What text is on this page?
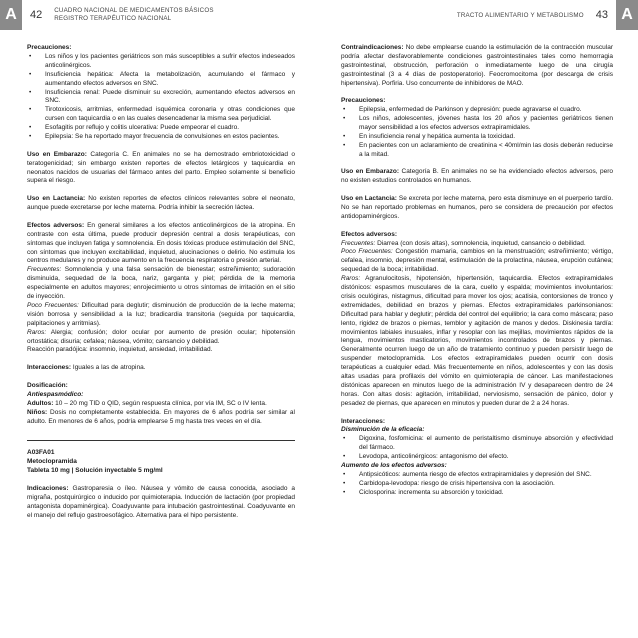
A	42 CUADRO NACIONAL DE MEDICAMENTOS BÁSICOS
REGISTRO TERAPÉUTICO NACIONAL	TRACTO ALIMENTARIO Y METABOLISMO 43 A
Precauciones:
• Los niños y los pacientes geriátricos son más susceptibles a sufrir efectos indeseados anticolinérgicos.
• Insuficiencia hepática: Afecta la metabolización, acumulando el fármaco y aumentando efectos adversos en SNC.
• Insuficiencia renal: Puede disminuir su excreción, aumentando efectos adversos en SNC.
• Tirotoxicosis, arritmias, enfermedad isquémica coronaria y otras condiciones que cursen con taquicardia o en las cuales desencadenar la misma sea perjudicial.
• Esofagitis por reflujo y colitis ulcerativa: Puede empeorar el cuadro.
• Epilepsia: Se ha reportado mayor frecuencia de convulsiones en estos pacientes.
Uso en Embarazo: Categoría C. En animales no se ha demostrado embriotoxicidad o teratogenicidad; sin embargo existen reportes de efectos letárgicos y taquicardia en neonatos nacidos de usuarias del fármaco antes del parto. Empleo solamente si beneficio supera el riesgo.
Uso en Lactancia: No existen reportes de efectos clínicos relevantes sobre el neonato, aunque puede excretarse por leche materna. Podría inhibir la secreción láctea.
Efectos adversos: En general similares a los efectos anticolinérgicos de la atropina. En contraste con esta última, puede producir depresión central a dosis terapéuticas, con síntomas que incluyen fatiga y somnolencia. En dosis tóxicas produce estimulación del SNC, con síntomas que incluyen excitabilidad, inquietud, alucinaciones o delirio. No estimula los centros medulares y no produce aumento en la frecuencia respiratoria o presión arterial.
Frecuentes: Somnolencia y una falsa sensación de bienestar; estreñimiento; sudoración disminuida, sequedad de la boca, nariz, garganta y piel; pérdida de la memoria especialmente en adultos mayores; enrojecimiento u otros síntomas de irritación en el sitio de inyección.
Poco Frecuentes: Dificultad para deglutir; disminución de producción de la leche materna; visión borrosa y sensibilidad a la luz; bradicardia transitoria (seguida por taquicardia, palpitaciones y arritmias).
Raros: Alergia; confusión; dolor ocular por aumento de presión ocular; hipotensión ortostática; disuria; cefalea; náusea, vómito; cansancio y debilidad.
Reacción paradójica: insomnio, inquietud, ansiedad, irritabilidad.
Interacciones: Iguales a las de atropina.
Dosificación:
Antiespasmódico:
Adultos: 10 – 20 mg TID o QID, según respuesta clínica, por vía IM, SC o IV lenta.
Niños: Dosis no completamente establecida. En mayores de 6 años podría ser similar al adulto. En menores de 6 años, podría emplearse 5 mg hasta tres veces en el día.
A03FA01
Metoclopramida
Tableta 10 mg | Solución inyectable 5 mg/ml
Indicaciones: Gastroparesia o íleo. Náusea y vómito de causa conocida, asociado a migraña, postquirúrgico o inducido por quimioterapia. Inducción de lactación (por propiedad antagonista dopaminérgica). Coadyuvante para intubación gastrointestinal. Coadyuvante en el manejo del reflujo gastroesofágico. Alternativa para el hipo persistente.
Contraindicaciones: No debe emplearse cuando la estimulación de la contracción muscular podría afectar desfavorablemente condiciones gastrointestinales tales como hemorragia gastrointestinal, obstrucción, perforación o inmediatamente luego de una cirugía gastrointestinal (3 a 4 días de postoperatorio). Feocromocitoma (por descarga de crisis hipertensiva). Porfiria. Uso concurrente de inhibidores de MAO.
Precauciones:
• Epilepsia, enfermedad de Parkinson y depresión: puede agravarse el cuadro.
• Los niños, adolescentes, jóvenes hasta los 20 años y pacientes geriátricos tienen mayor sensibilidad a los efectos adversos extrapiramidales.
• En insuficiencia renal y hepática aumenta la toxicidad.
• En pacientes con un aclaramiento de creatinina < 40ml/min las dosis deberán reducirse a la mitad.
Uso en Embarazo: Categoría B. En animales no se ha evidenciado efectos adversos, pero no existen estudios controlados en humanos.
Uso en Lactancia: Se excreta por leche materna, pero esta disminuye en el puerperio tardío. No se han reportado problemas en humanos, pero se considera de precaución por efectos antidopaminérgicos.
Efectos adversos:
Frecuentes: Diarrea (con dosis altas), somnolencia, inquietud, cansancio o debilidad.
Poco Frecuentes: Congestión mamaria, cambios en la menstruación; estreñimiento; vértigo, cefalea, insomnio, depresión mental, estimulación de la prolactina, náusea, erupción cutánea; sequedad de la boca; irritabilidad.
Raros: Agranulocitosis, hipotensión, hipertensión, taquicardia. Efectos extrapiramidales distónicos: espasmos musculares de la cara, cuello y espalda; movimientos involuntarios: crisis oculógiras, nistagmus, dificultad para mover los ojos; acatisia, contorsiones de tronco y extremidades, debilidad en brazos y piernas. Efectos extrapiramidales parkinsonianos: Dificultad para hablar y deglutir; pérdida del control del equilibrio; la cara como máscara; paso lento, rigidez de brazos o piernas, temblor y agitación de manos y dedos. Diskinesia tardía: movimientos labiales inusuales, inflar y resoplar con las mejillas, movimientos rápidos de la lengua, movimientos masticatorios, movimientos incontrolados de brazos y piernas. Generalmente ocurren luego de un año de tratamiento continuo y pueden persistir luego de suspender metoclopramida. Los efectos extrapiramidales pueden ocurrir con dosis terapéuticas a cualquier edad. Más frecuentemente en niños, adolescentes y con las dosis altas usadas para profilaxis del vómito en quimioterapia de cáncer. Las manifestaciones distónicas aparecen en minutos luego de la administración IV y desaparecen dentro de 24 horas. Con altas dosis: agitación, irritabilidad, nerviosismo, sensación de pánico, dolor y pesadez de piernas, que aparecen en minutos y pueden durar de 2 a 24 horas.
Interacciones:
Disminución de la eficacia:
• Digoxina, fosfomicina: el aumento de peristaltismo disminuye absorción y efectividad del fármaco.
• Levodopa, anticolinérgicos: antagonismo del efecto.
Aumento de los efectos adversos:
• Antipsicóticos: aumenta riesgo de efectos extrapiramidales y depresión del SNC.
• Carbidopa-levodopa: riesgo de crisis hipertensiva con la asociación.
• Ciclosporina: incrementa su absorción y toxicidad.
